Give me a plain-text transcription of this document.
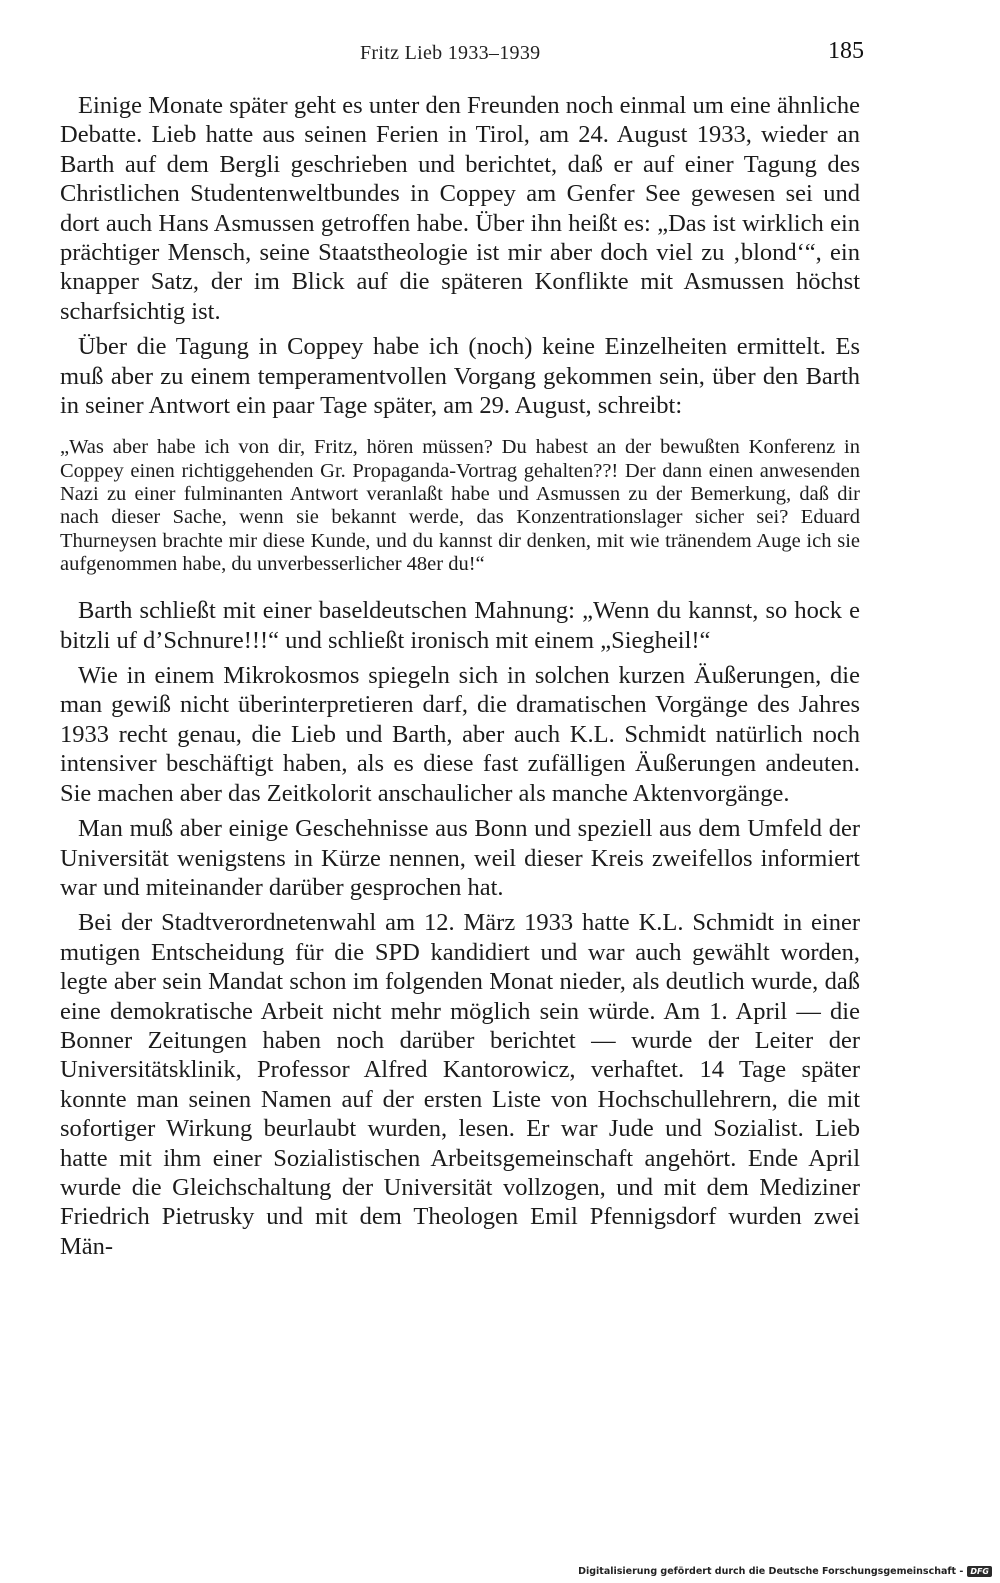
Fritz Lieb 1933–1939	185

Einige Monate später geht es unter den Freunden noch einmal um eine ähnliche Debatte. Lieb hatte aus seinen Ferien in Tirol, am 24. August 1933, wieder an Barth auf dem Bergli geschrieben und berichtet, daß er auf einer Tagung des Christlichen Studentenweltbundes in Coppey am Genfer See gewesen sei und dort auch Hans Asmussen getroffen habe. Über ihn heißt es: „Das ist wirklich ein prächtiger Mensch, seine Staatstheologie ist mir aber doch viel zu ‚blond‘“, ein knapper Satz, der im Blick auf die späteren Konflikte mit Asmussen höchst scharfsichtig ist.

Über die Tagung in Coppey habe ich (noch) keine Einzelheiten ermittelt. Es muß aber zu einem temperamentvollen Vorgang gekommen sein, über den Barth in seiner Antwort ein paar Tage später, am 29. August, schreibt:

„Was aber habe ich von dir, Fritz, hören müssen? Du habest an der bewußten Konferenz in Coppey einen richtiggehenden Gr. Propaganda-Vortrag gehalten??! Der dann einen anwesenden Nazi zu einer fulminanten Antwort veranlaßt habe und Asmussen zu der Bemerkung, daß dir nach dieser Sache, wenn sie bekannt werde, das Konzentrationslager sicher sei? Eduard Thurneysen brachte mir diese Kunde, und du kannst dir denken, mit wie tränendem Auge ich sie aufgenommen habe, du unverbesserlicher 48er du!“

Barth schließt mit einer baseldeutschen Mahnung: „Wenn du kannst, so hock e bitzli uf d’Schnure!!!“ und schließt ironisch mit einem „Siegheil!“

Wie in einem Mikrokosmos spiegeln sich in solchen kurzen Äußerungen, die man gewiß nicht überinterpretieren darf, die dramatischen Vorgänge des Jahres 1933 recht genau, die Lieb und Barth, aber auch K.L. Schmidt natürlich noch intensiver beschäftigt haben, als es diese fast zufälligen Äußerungen andeuten. Sie machen aber das Zeitkolorit anschaulicher als manche Aktenvorgänge.

Man muß aber einige Geschehnisse aus Bonn und speziell aus dem Umfeld der Universität wenigstens in Kürze nennen, weil dieser Kreis zweifellos informiert war und miteinander darüber gesprochen hat.

Bei der Stadtverordnetenwahl am 12. März 1933 hatte K.L. Schmidt in einer mutigen Entscheidung für die SPD kandidiert und war auch gewählt worden, legte aber sein Mandat schon im folgenden Monat nieder, als deutlich wurde, daß eine demokratische Arbeit nicht mehr möglich sein würde. Am 1. April — die Bonner Zeitungen haben noch darüber berichtet — wurde der Leiter der Universitätsklinik, Professor Alfred Kantorowicz, verhaftet. 14 Tage später konnte man seinen Namen auf der ersten Liste von Hochschullehrern, die mit sofortiger Wirkung beurlaubt wurden, lesen. Er war Jude und Sozialist. Lieb hatte mit ihm einer Sozialistischen Arbeitsgemeinschaft angehört. Ende April wurde die Gleichschaltung der Universität vollzogen, und mit dem Mediziner Friedrich Pietrusky und mit dem Theologen Emil Pfennigsdorf wurden zwei Män-

Digitalisierung gefördert durch die Deutsche Forschungsgemeinschaft - DFG
